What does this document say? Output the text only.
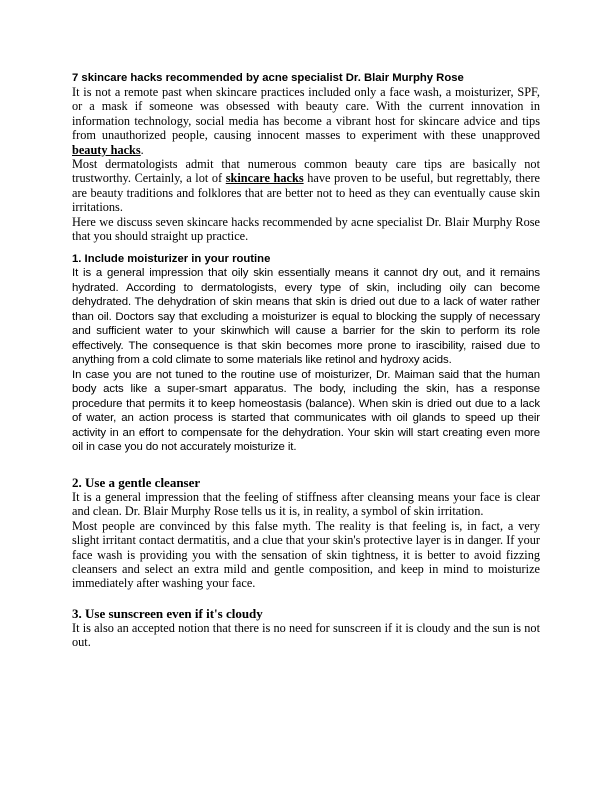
7 skincare hacks recommended by acne specialist Dr. Blair Murphy Rose

It is not a remote past when skincare practices included only a face wash, a moisturizer, SPF, or a mask if someone was obsessed with beauty care. With the current innovation in information technology, social media has become a vibrant host for skincare advice and tips from unauthorized people, causing innocent masses to experiment with these unapproved beauty hacks.

Most dermatologists admit that numerous common beauty care tips are basically not trustworthy. Certainly, a lot of skincare hacks have proven to be useful, but regrettably, there are beauty traditions and folklores that are better not to heed as they can eventually cause skin irritations.

Here we discuss seven skincare hacks recommended by acne specialist Dr. Blair Murphy Rose that you should straight up practice.

1. Include moisturizer in your routine

It is a general impression that oily skin essentially means it cannot dry out, and it remains hydrated. According to dermatologists, every type of skin, including oily can become dehydrated. The dehydration of skin means that skin is dried out due to a lack of water rather than oil. Doctors say that excluding a moisturizer is equal to blocking the supply of necessary and sufficient water to your skinwhich will cause a barrier for the skin to perform its role effectively. The consequence is that skin becomes more prone to irascibility, raised due to anything from a cold climate to some materials like retinol and hydroxy acids.

In case you are not tuned to the routine use of moisturizer, Dr. Maiman said that the human body acts like a super-smart apparatus. The body, including the skin, has a response procedure that permits it to keep homeostasis (balance). When skin is dried out due to a lack of water, an action process is started that communicates with oil glands to speed up their activity in an effort to compensate for the dehydration. Your skin will start creating even more oil in case you do not accurately moisturize it.

2. Use a gentle cleanser

It is a general impression that the feeling of stiffness after cleansing means your face is clear and clean. Dr. Blair Murphy Rose tells us it is, in reality, a symbol of skin irritation.

Most people are convinced by this false myth. The reality is that feeling is, in fact, a very slight irritant contact dermatitis, and a clue that your skin's protective layer is in danger. If your face wash is providing you with the sensation of skin tightness, it is better to avoid fizzing cleansers and select an extra mild and gentle composition, and keep in mind to moisturize immediately after washing your face.

3. Use sunscreen even if it's cloudy

It is also an accepted notion that there is no need for sunscreen if it is cloudy and the sun is not out.
